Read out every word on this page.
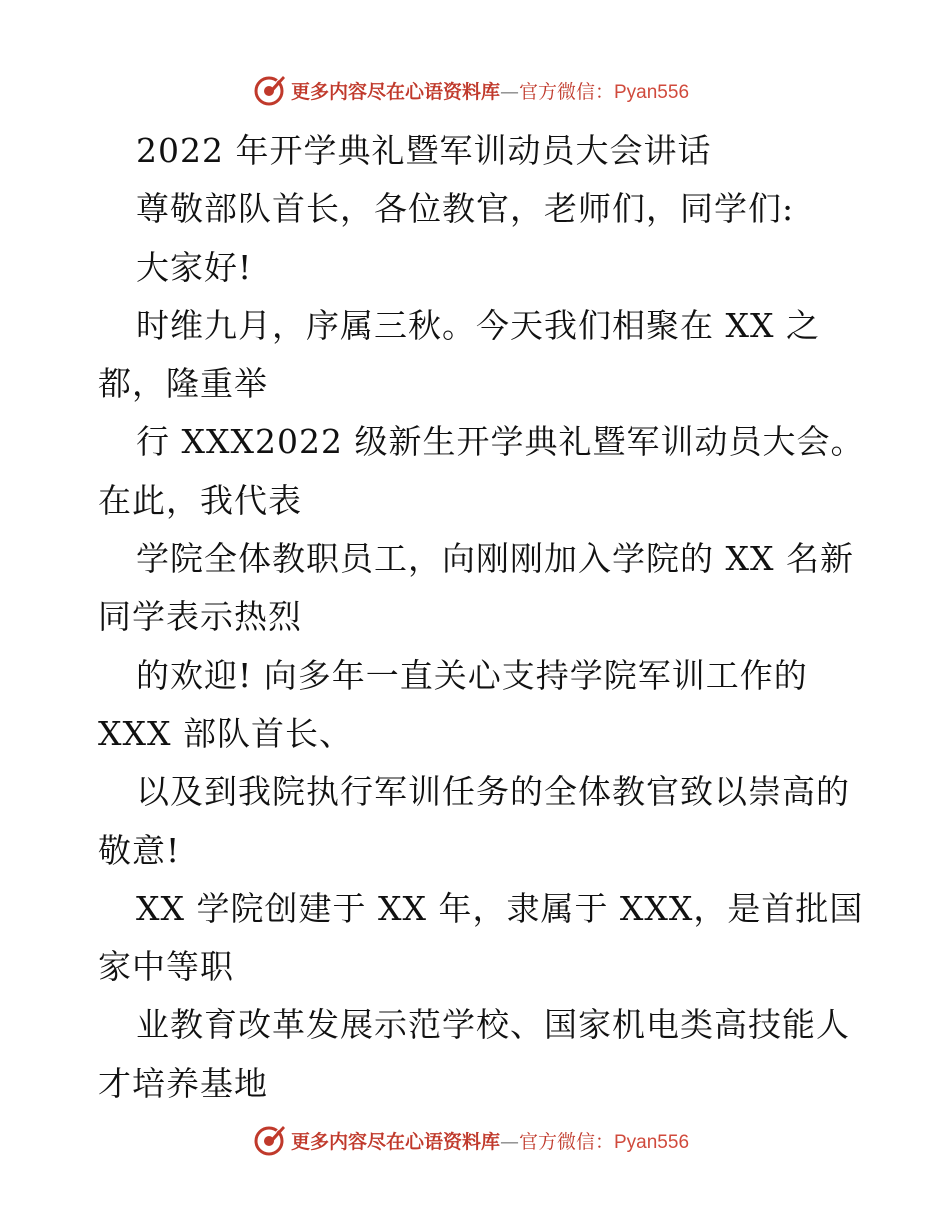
更多内容尽在心语资料库—官方微信：Pyan556
2022 年开学典礼暨军训动员大会讲话
尊敬部队首长，各位教官，老师们，同学们:
大家好!
时维九月，序属三秋。今天我们相聚在 XX 之
都，隆重举
行 XXX2022 级新生开学典礼暨军训动员大会。
在此，我代表
学院全体教职员工，向刚刚加入学院的 XX 名新
同学表示热烈
的欢迎! 向多年一直关心支持学院军训工作的
XXX 部队首长、
以及到我院执行军训任务的全体教官致以崇高的
敬意!
XX 学院创建于 XX 年，隶属于 XXX，是首批国
家中等职
业教育改革发展示范学校、国家机电类高技能人
才培养基地
更多内容尽在心语资料库—官方微信：Pyan556
